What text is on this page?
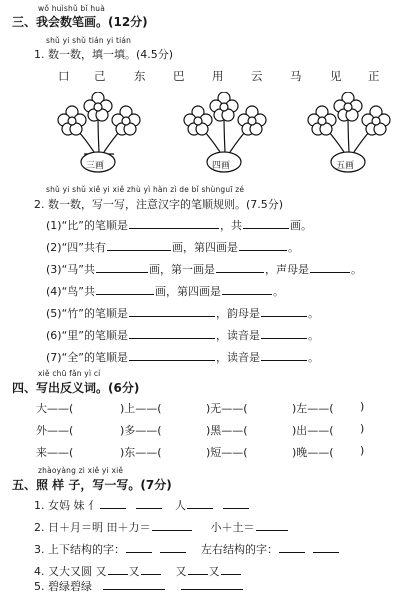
wǒ huìshǔ bǐ huà
三、我会数笔画。(12分)
shǔ yi shǔ tián yi tián
1. 数一数，填一填。(4.5分)
口 己 东 巴 用 云 马 见 正
三画	四画	五画
shǔ yi shǔ xiě yi xiě zhù yì hàn zì de bǐ shùnguī zé
2. 数一数，写一写，注意汉字的笔顺规则。(7.5分)
(1)“比”的笔顺是	，共	画。
(2)“四”共有	画，第四画是	。
(3)“马”共	画，第一画是	，声母是	。
(4)“鸟”共	画，第四画是	。
(5)“竹”的笔顺是	，韵母是	。
(6)“里”的笔顺是	，读音是	。
(7)“全”的笔顺是	，读音是	。
xiě chū fǎn yì cí
四、写出反义词。(6分)
大——(	)上——(	)无——(	)左——( )
外——(	)多——(	)黑——(	)出——( )
来——(	)东——(	)短——(	)晚——( )
zhàoyàng zi xiě yi xiě
五、照 样 子，写一写。(7分)
1. 女妈 妹 亻	人
2. 日＋月＝明 田＋力＝	小＋土＝
3. 上下结构的字：	左右结构的字：
4. 又大又圆 又 又	又 又
5. 碧绿碧绿
